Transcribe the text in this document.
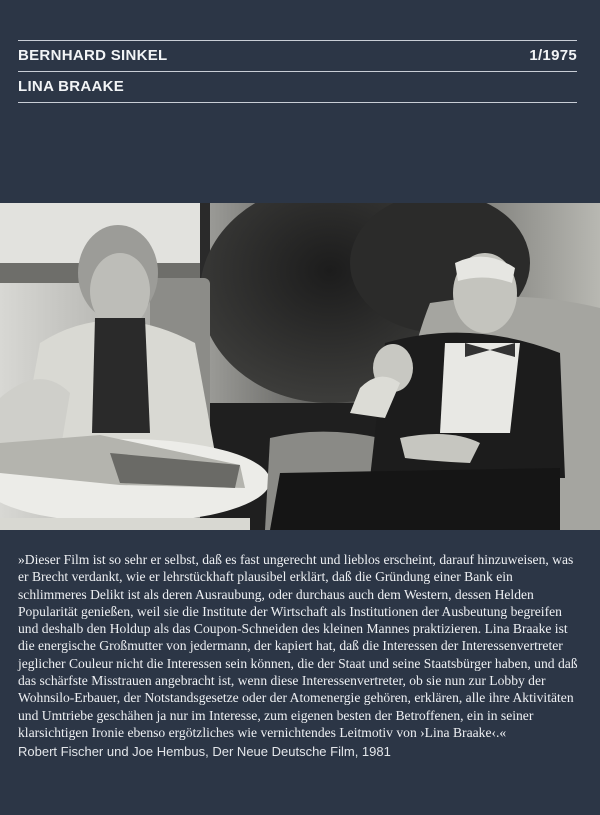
BERNHARD SINKEL	1/1975
LINA BRAAKE

»Dieser Film ist so sehr er selbst, daß es fast ungerecht und lieblos erscheint, darauf hinzuweisen, was er Brecht verdankt, wie er lehrstückhaft plausibel erklärt, daß die Gründung einer Bank ein schlimmeres Delikt ist als deren Ausraubung, oder durchaus auch dem Western, dessen Helden Popularität genießen, weil sie die Institute der Wirtschaft als Institutionen der Ausbeutung begreifen und deshalb den Holdup als das Coupon-Schneiden des kleinen Mannes praktizieren. Lina Braake ist die energische Großmutter von jedermann, der kapiert hat, daß die Interessen der Interessenvertreter jeglicher Couleur nicht die Interessen sein können, die der Staat und seine Staatsbürger haben, und daß das schärfste Misstrauen angebracht ist, wenn diese Interessenvertreter, ob sie nun zur Lobby der Wohnsilo-Erbauer, der Notstandsgesetze oder der Atomenergie gehören, erklären, alle ihre Aktivitäten und Umtriebe geschähen ja nur im Interesse, zum eigenen besten der Betroffenen, ein in seiner klarsichtigen Ironie ebenso ergötzliches wie vernichtendes Leitmotiv von ›Lina Braake‹.«

Robert Fischer und Joe Hembus, Der Neue Deutsche Film, 1981
